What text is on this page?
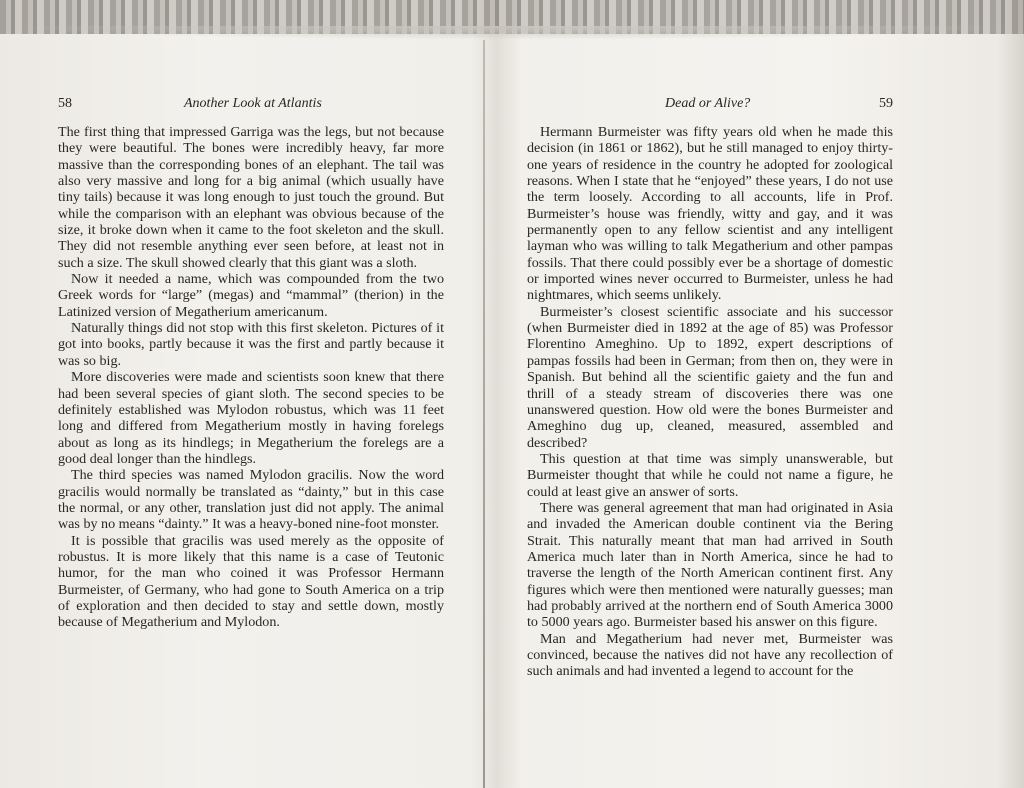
58	Another Look at Atlantis

The first thing that impressed Garriga was the legs, but not because they were beautiful. The bones were incredibly heavy, far more massive than the corresponding bones of an elephant. The tail was also very massive and long for a big animal (which usually have tiny tails) because it was long enough to just touch the ground. But while the comparison with an elephant was obvious because of the size, it broke down when it came to the foot skeleton and the skull. They did not resemble anything ever seen before, at least not in such a size. The skull showed clearly that this giant was a sloth.

Now it needed a name, which was compounded from the two Greek words for “large” (megas) and “mammal” (therion) in the Latinized version of Megatherium americanum.

Naturally things did not stop with this first skeleton. Pictures of it got into books, partly because it was the first and partly because it was so big.

More discoveries were made and scientists soon knew that there had been several species of giant sloth. The second species to be definitely established was Mylodon robustus, which was 11 feet long and differed from Megatherium mostly in having forelegs about as long as its hindlegs; in Megatherium the forelegs are a good deal longer than the hindlegs.

The third species was named Mylodon gracilis. Now the word gracilis would normally be translated as “dainty,” but in this case the normal, or any other, translation just did not apply. The animal was by no means “dainty.” It was a heavy-boned nine-foot monster.

It is possible that gracilis was used merely as the opposite of robustus. It is more likely that this name is a case of Teutonic humor, for the man who coined it was Professor Hermann Burmeister, of Germany, who had gone to South America on a trip of exploration and then decided to stay and settle down, mostly because of Megatherium and Mylodon.

Dead or Alive?	59

Hermann Burmeister was fifty years old when he made this decision (in 1861 or 1862), but he still managed to enjoy thirty-one years of residence in the country he adopted for zoological reasons. When I state that he “enjoyed” these years, I do not use the term loosely. According to all accounts, life in Prof. Burmeister’s house was friendly, witty and gay, and it was permanently open to any fellow scientist and any intelligent layman who was willing to talk Megatherium and other pampas fossils. That there could possibly ever be a shortage of domestic or imported wines never occurred to Burmeister, unless he had nightmares, which seems unlikely.

Burmeister’s closest scientific associate and his successor (when Burmeister died in 1892 at the age of 85) was Professor Florentino Ameghino. Up to 1892, expert descriptions of pampas fossils had been in German; from then on, they were in Spanish. But behind all the scientific gaiety and the fun and thrill of a steady stream of discoveries there was one unanswered question. How old were the bones Burmeister and Ameghino dug up, cleaned, measured, assembled and described?

This question at that time was simply unanswerable, but Burmeister thought that while he could not name a figure, he could at least give an answer of sorts.

There was general agreement that man had originated in Asia and invaded the American double continent via the Bering Strait. This naturally meant that man had arrived in South America much later than in North America, since he had to traverse the length of the North American continent first. Any figures which were then mentioned were naturally guesses; man had probably arrived at the northern end of South America 3000 to 5000 years ago. Burmeister based his answer on this figure.

Man and Megatherium had never met, Burmeister was convinced, because the natives did not have any recollection of such animals and had invented a legend to account for the
